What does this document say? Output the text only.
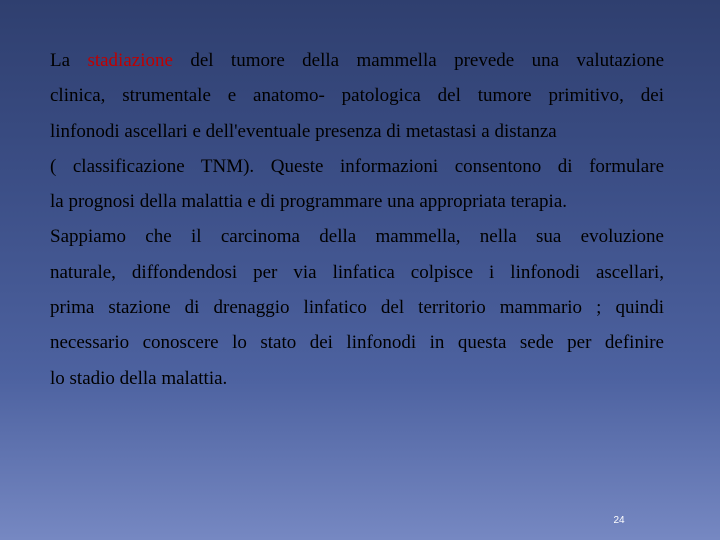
La stadiazione del tumore della mammella prevede una valutazione
clinica, strumentale e anatomo- patologica del tumore primitivo, dei
linfonodi ascellari e dell'eventuale presenza di metastasi a distanza
( classificazione TNM). Queste informazioni consentono di formulare
la prognosi della malattia e di programmare una appropriata terapia.
Sappiamo che il carcinoma della mammella, nella sua evoluzione
naturale, diffondendosi per via linfatica colpisce i linfonodi ascellari,
prima stazione di drenaggio linfatico del territorio mammario ; quindi
necessario conoscere lo stato dei linfonodi in questa sede per definire
lo stadio della malattia.
24
